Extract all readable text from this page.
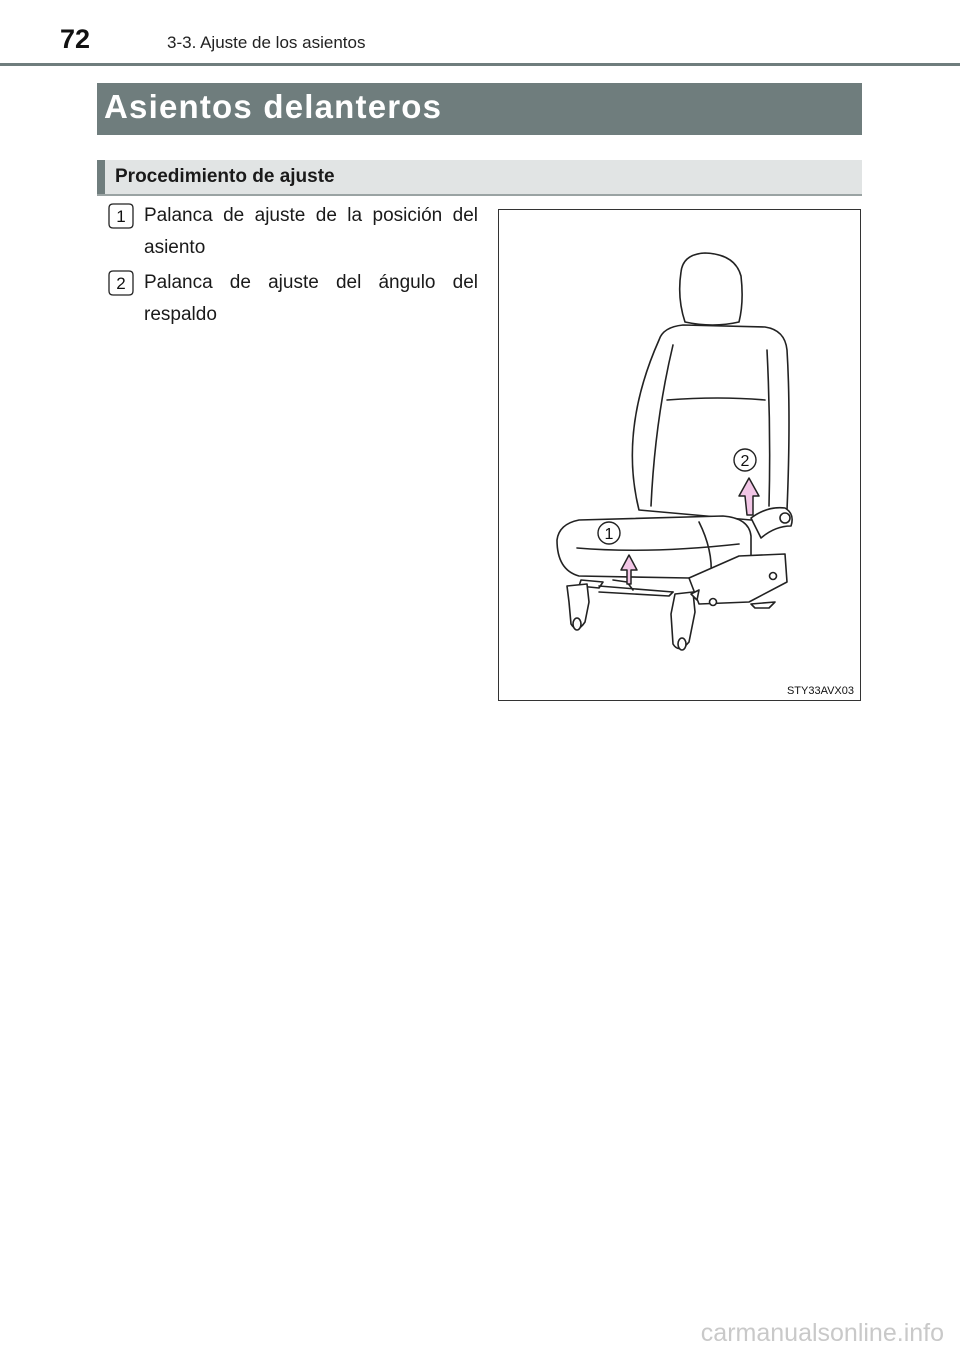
72	3-3. Ajuste de los asientos
Asientos delanteros
Procedimiento de ajuste
1 Palanca de ajuste de la posición del asiento
2 Palanca de ajuste del ángulo del respaldo
1
2
STY33AVX03
carmanualsonline.info
